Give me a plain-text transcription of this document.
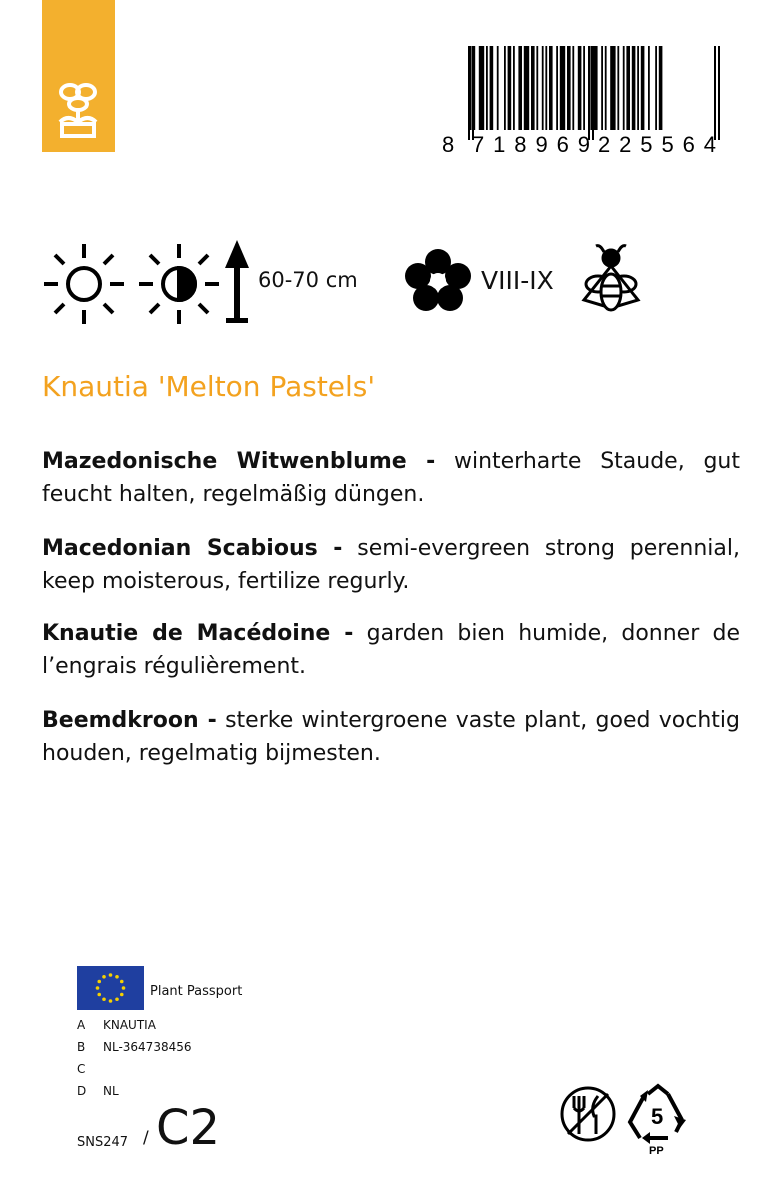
8 718969 225564
60-70 cm	VIII-IX
Knautia 'Melton Pastels'
Mazedonische Witwenblume - winterharte Staude, gut feucht halten, regelmäßig düngen.
Macedonian Scabious - semi-evergreen strong perennial, keep moisterous, fertilize regurly.
Knautie de Macédoine - garden bien humide, donner de l’engrais régulièrement.
Beemdkroon - sterke wintergroene vaste plant, goed vochtig houden, regelmatig bijmesten.
Plant Passport
A KNAUTIA
B NL-364738456
C
D NL
SNS247 / C2	5
PP
